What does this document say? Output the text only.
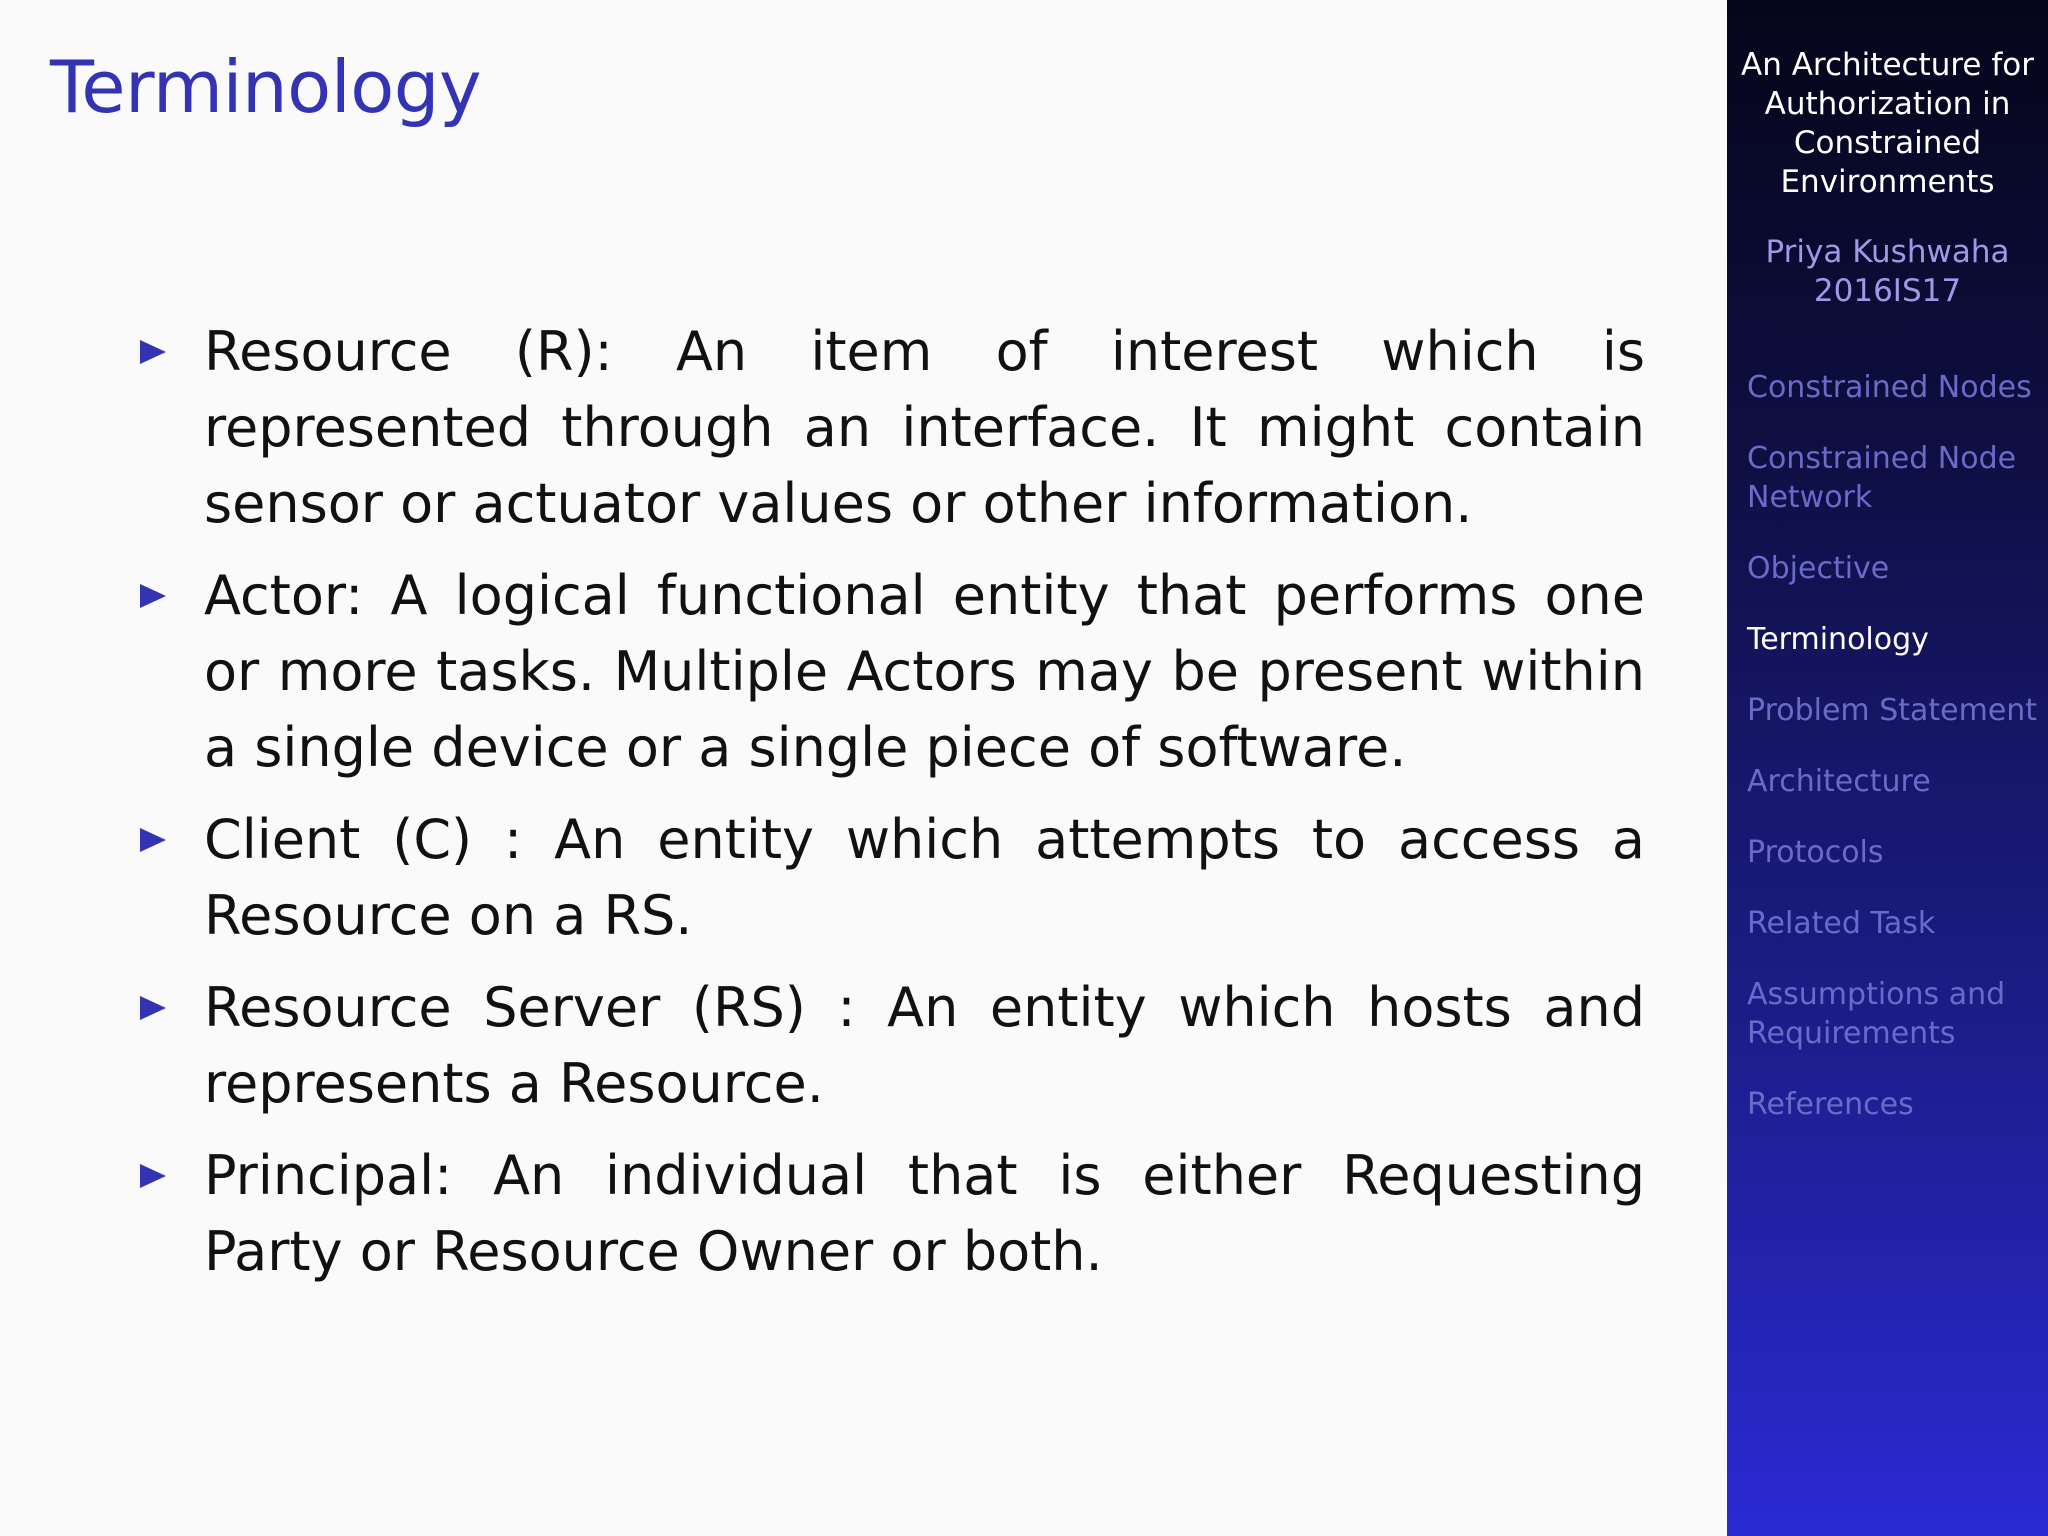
Terminology
Resource (R): An item of interest which is represented through an interface. It might contain sensor or actuator values or other information.
Actor: A logical functional entity that performs one or more tasks. Multiple Actors may be present within a single device or a single piece of software.
Client (C) : An entity which attempts to access a Resource on a RS.
Resource Server (RS) : An entity which hosts and represents a Resource.
Principal: An individual that is either Requesting Party or Resource Owner or both.
An Architecture for Authorization in Constrained Environments
Priya Kushwaha
2016IS17
Constrained Nodes
Constrained Node Network
Objective
Terminology
Problem Statement
Architecture
Protocols
Related Task
Assumptions and Requirements
References
